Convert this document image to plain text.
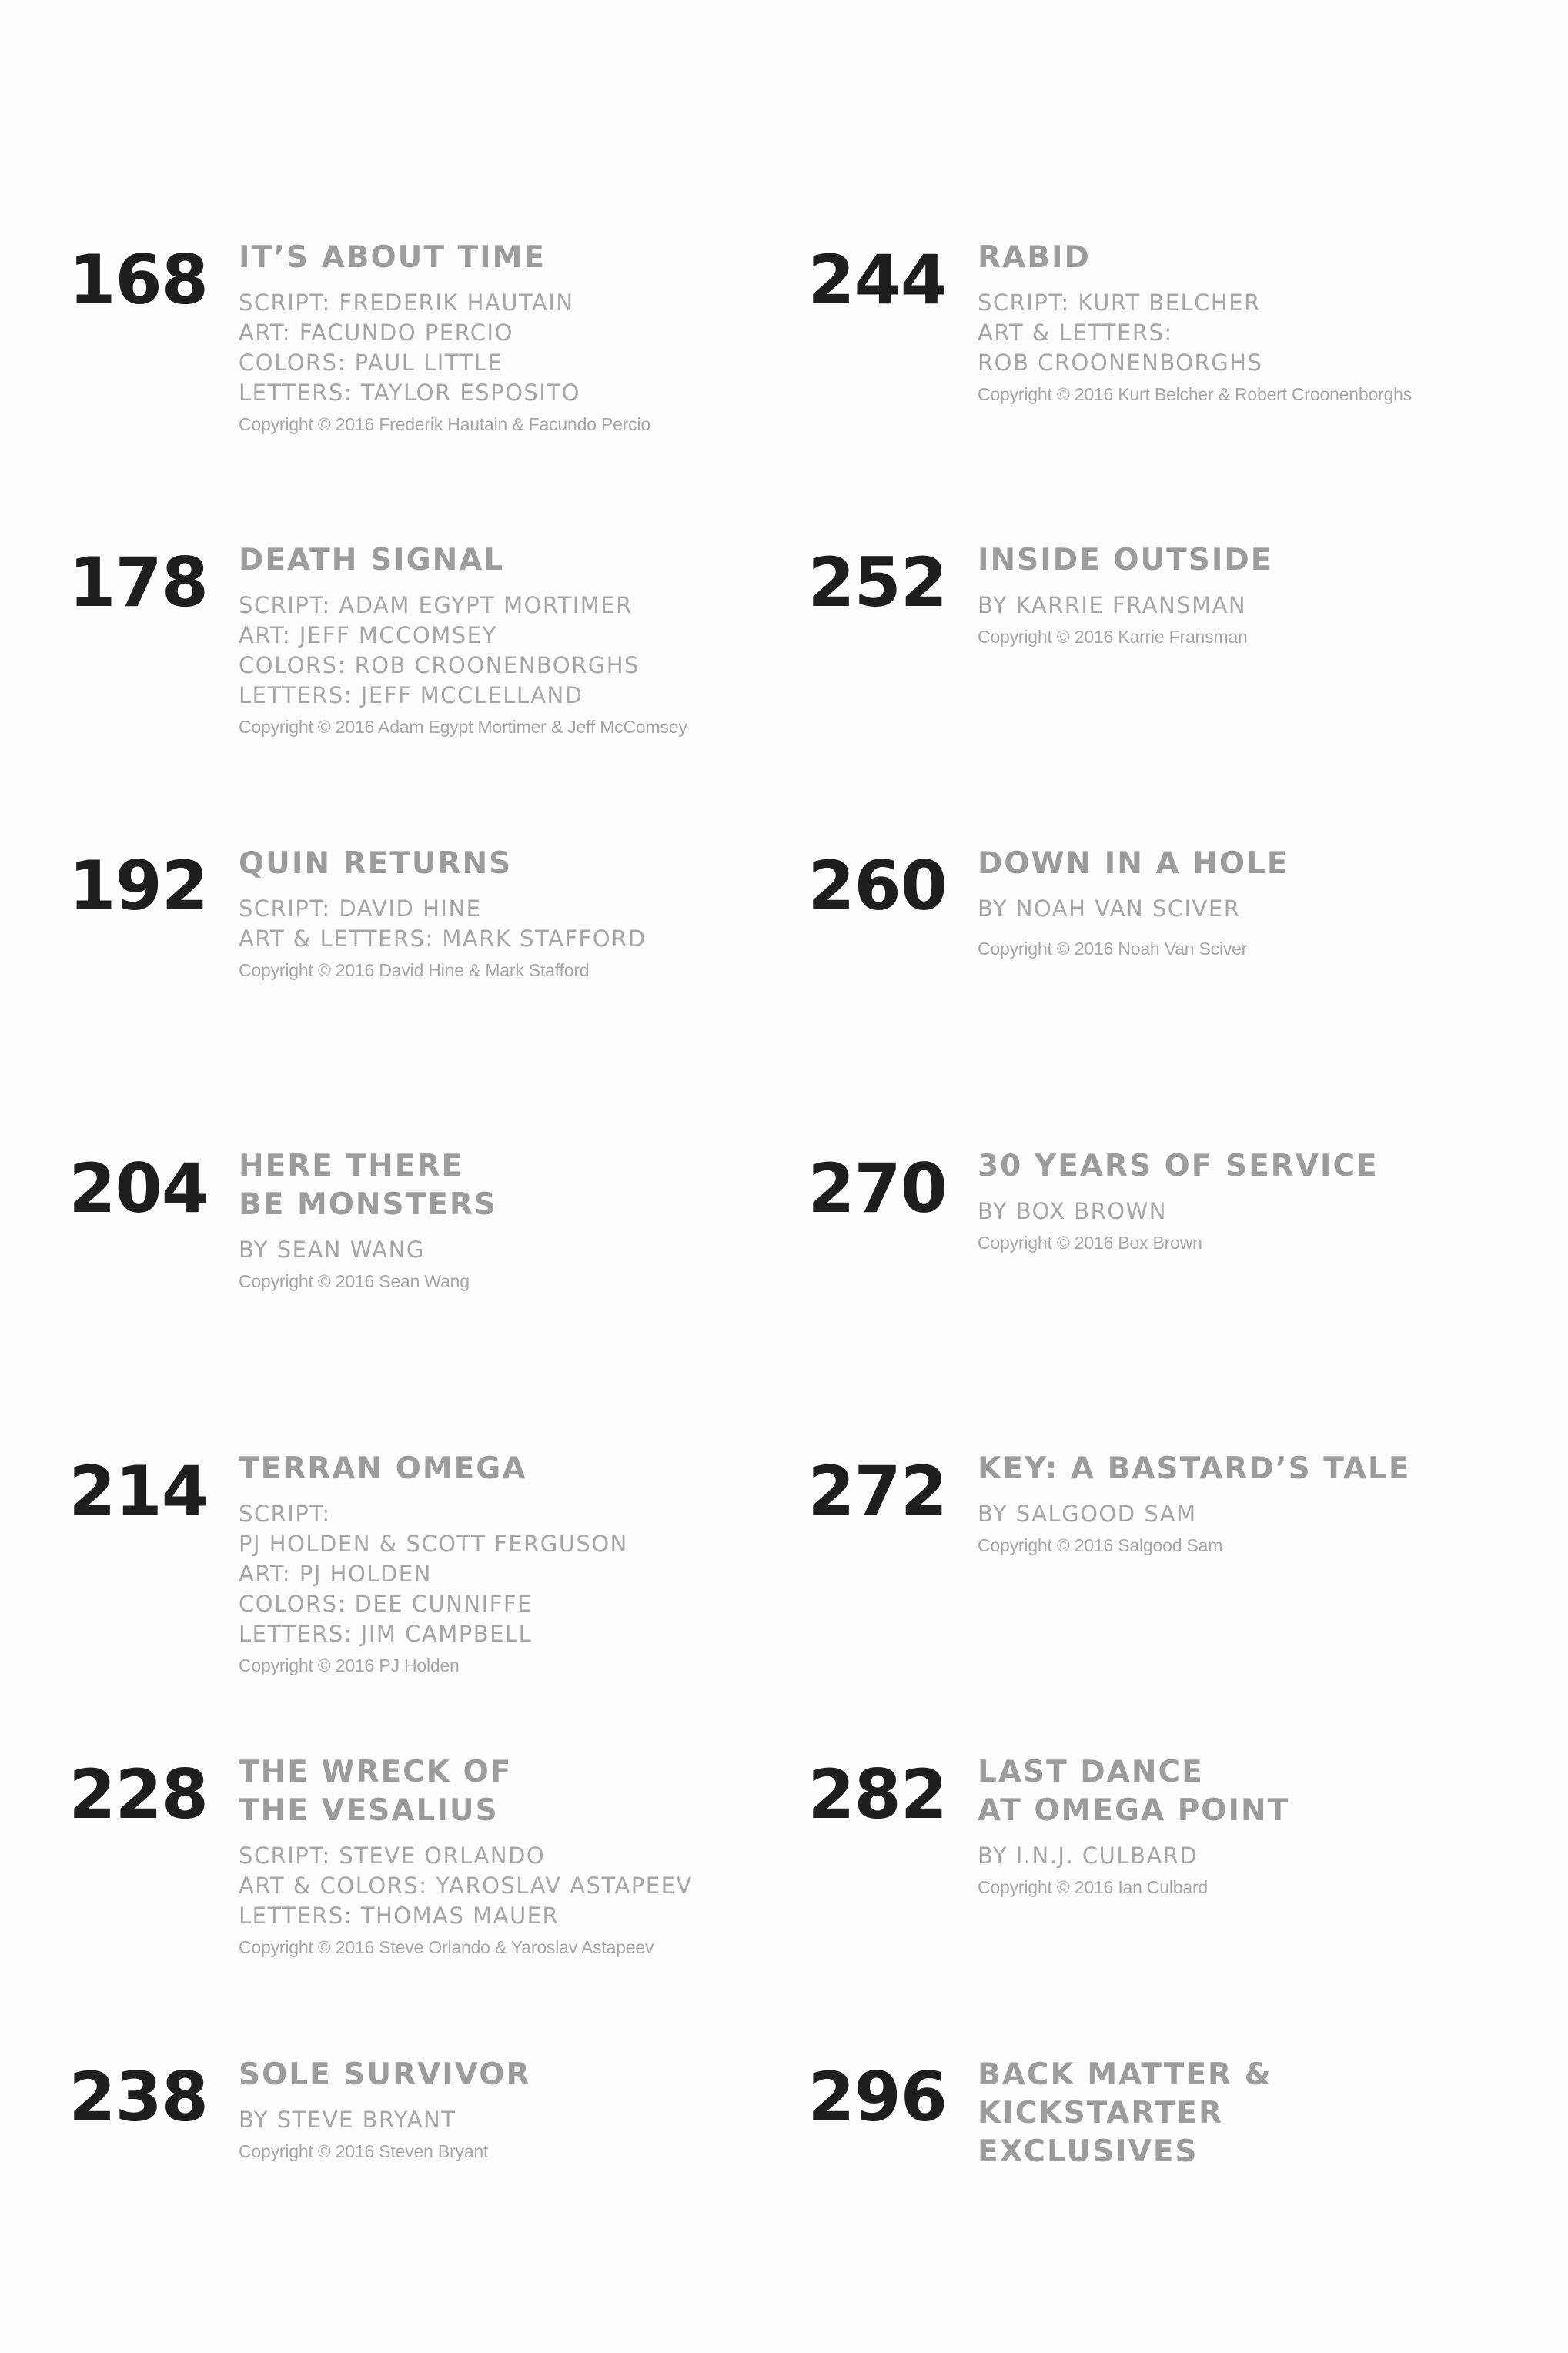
168 IT’S ABOUT TIME
SCRIPT: FREDERIK HAUTAIN
ART: FACUNDO PERCIO
COLORS: PAUL LITTLE
LETTERS: TAYLOR ESPOSITO
Copyright © 2016 Frederik Hautain & Facundo Percio
244 RABID
SCRIPT: KURT BELCHER
ART & LETTERS:
ROB CROONENBORGHS
Copyright © 2016 Kurt Belcher & Robert Croonenborghs
178 DEATH SIGNAL
SCRIPT: ADAM EGYPT MORTIMER
ART: JEFF MCCOMSEY
COLORS: ROB CROONENBORGHS
LETTERS: JEFF MCCLELLAND
Copyright © 2016 Adam Egypt Mortimer & Jeff McComsey
252 INSIDE OUTSIDE
BY KARRIE FRANSMAN
Copyright © 2016 Karrie Fransman
192 QUIN RETURNS
SCRIPT: DAVID HINE
ART & LETTERS: MARK STAFFORD
Copyright © 2016 David Hine & Mark Stafford
260 DOWN IN A HOLE
BY NOAH VAN SCIVER
Copyright © 2016 Noah Van Sciver
204 HERE THERE
BE MONSTERS
BY SEAN WANG
Copyright © 2016 Sean Wang
270 30 YEARS OF SERVICE
BY BOX BROWN
Copyright © 2016 Box Brown
214 TERRAN OMEGA
SCRIPT:
PJ HOLDEN & SCOTT FERGUSON
ART: PJ HOLDEN
COLORS: DEE CUNNIFFE
LETTERS: JIM CAMPBELL
Copyright © 2016 PJ Holden
272 KEY: A BASTARD’S TALE
BY SALGOOD SAM
Copyright © 2016 Salgood Sam
228 THE WRECK OF
THE VESALIUS
SCRIPT: STEVE ORLANDO
ART & COLORS: YAROSLAV ASTAPEEV
LETTERS: THOMAS MAUER
Copyright © 2016 Steve Orlando & Yaroslav Astapeev
282 LAST DANCE
AT OMEGA POINT
BY I.N.J. CULBARD
Copyright © 2016 Ian Culbard
238 SOLE SURVIVOR
BY STEVE BRYANT
Copyright © 2016 Steven Bryant
296 BACK MATTER &
KICKSTARTER
EXCLUSIVES
